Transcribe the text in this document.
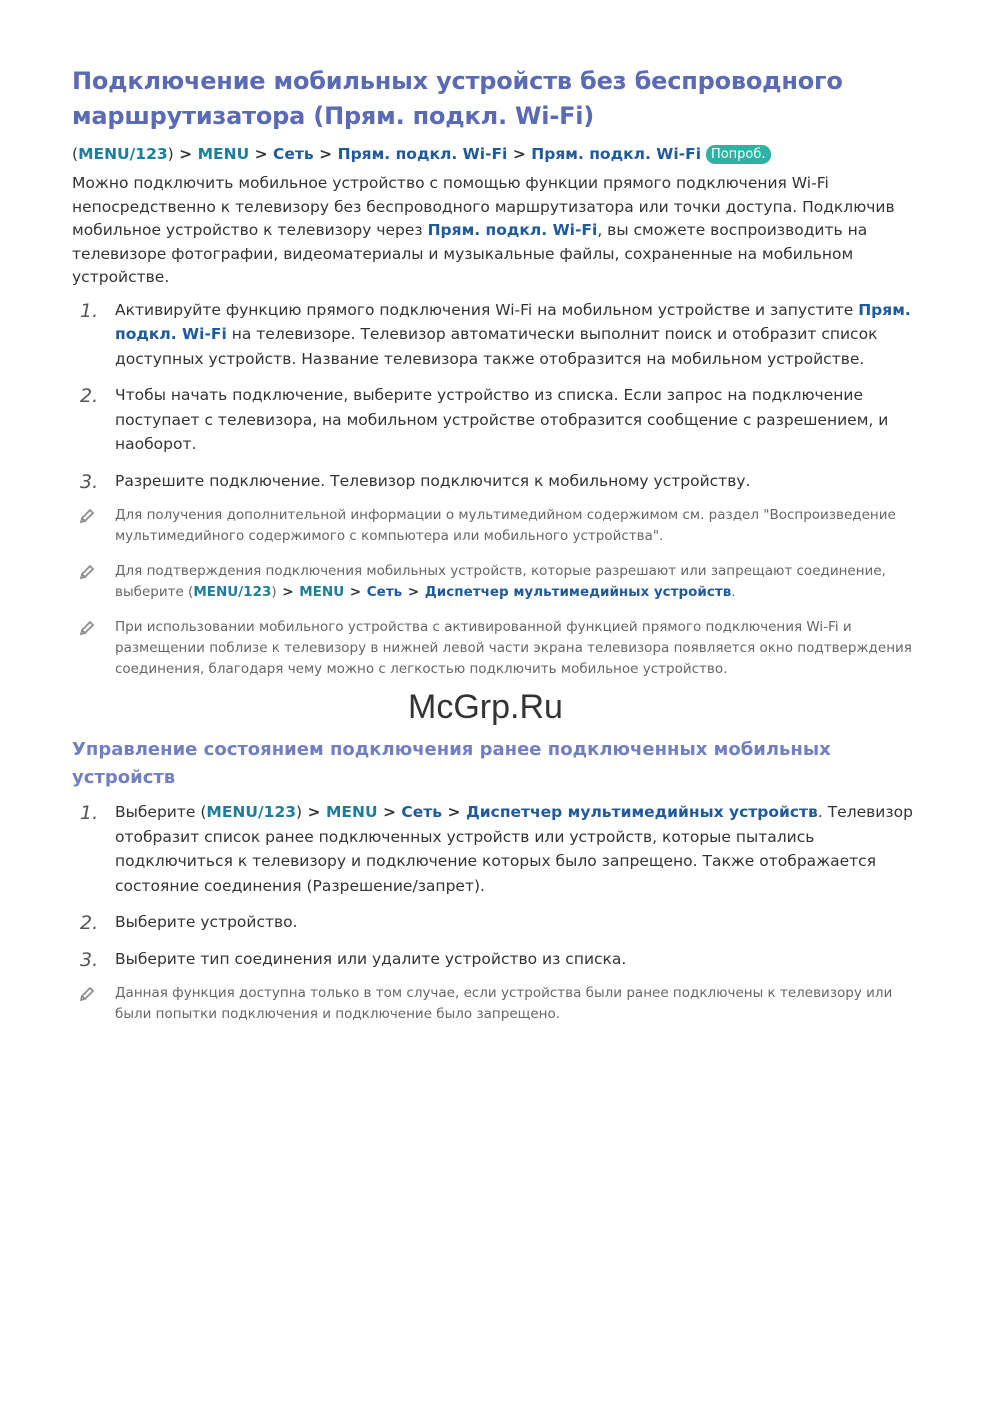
Подключение мобильных устройств без беспроводного маршрутизатора (Прям. подкл. Wi-Fi)
(MENU/123) > MENU > Сеть > Прям. подкл. Wi-Fi > Прям. подкл. Wi-Fi Попроб.

Можно подключить мобильное устройство с помощью функции прямого подключения Wi-Fi непосредственно к телевизору без беспроводного маршрутизатора или точки доступа. Подключив мобильное устройство к телевизору через Прям. подкл. Wi-Fi, вы сможете воспроизводить на телевизоре фотографии, видеоматериалы и музыкальные файлы, сохраненные на мобильном устройстве.

1. Активируйте функцию прямого подключения Wi-Fi на мобильном устройстве и запустите Прям. подкл. Wi-Fi на телевизоре. Телевизор автоматически выполнит поиск и отобразит список доступных устройств. Название телевизора также отобразится на мобильном устройстве.
2. Чтобы начать подключение, выберите устройство из списка. Если запрос на подключение поступает с телевизора, на мобильном устройстве отобразится сообщение с разрешением, и наоборот.
3. Разрешите подключение. Телевизор подключится к мобильному устройству.
Для получения дополнительной информации о мультимедийном содержимом см. раздел "Воспроизведение мультимедийного содержимого с компьютера или мобильного устройства".
Для подтверждения подключения мобильных устройств, которые разрешают или запрещают соединение, выберите (MENU/123) > MENU > Сеть > Диспетчер мультимедийных устройств.
При использовании мобильного устройства с активированной функцией прямого подключения Wi-Fi и размещении поблизе к телевизору в нижней левой части экрана телевизора появляется окно подтверждения соединения, благодаря чему можно с легкостью подключить мобильное устройство.
Управление состоянием подключения ранее подключенных мобильных устройств
1. Выберите (MENU/123) > MENU > Сеть > Диспетчер мультимедийных устройств. Телевизор отобразит список ранее подключенных устройств или устройств, которые пытались подключиться к телевизору и подключение которых было запрещено. Также отображается состояние соединения (Разрешение/запрет).
2. Выберите устройство.
3. Выберите тип соединения или удалите устройство из списка.
Данная функция доступна только в том случае, если устройства были ранее подключены к телевизору или были попытки подключения и подключение было запрещено.
McGrp.Ru
